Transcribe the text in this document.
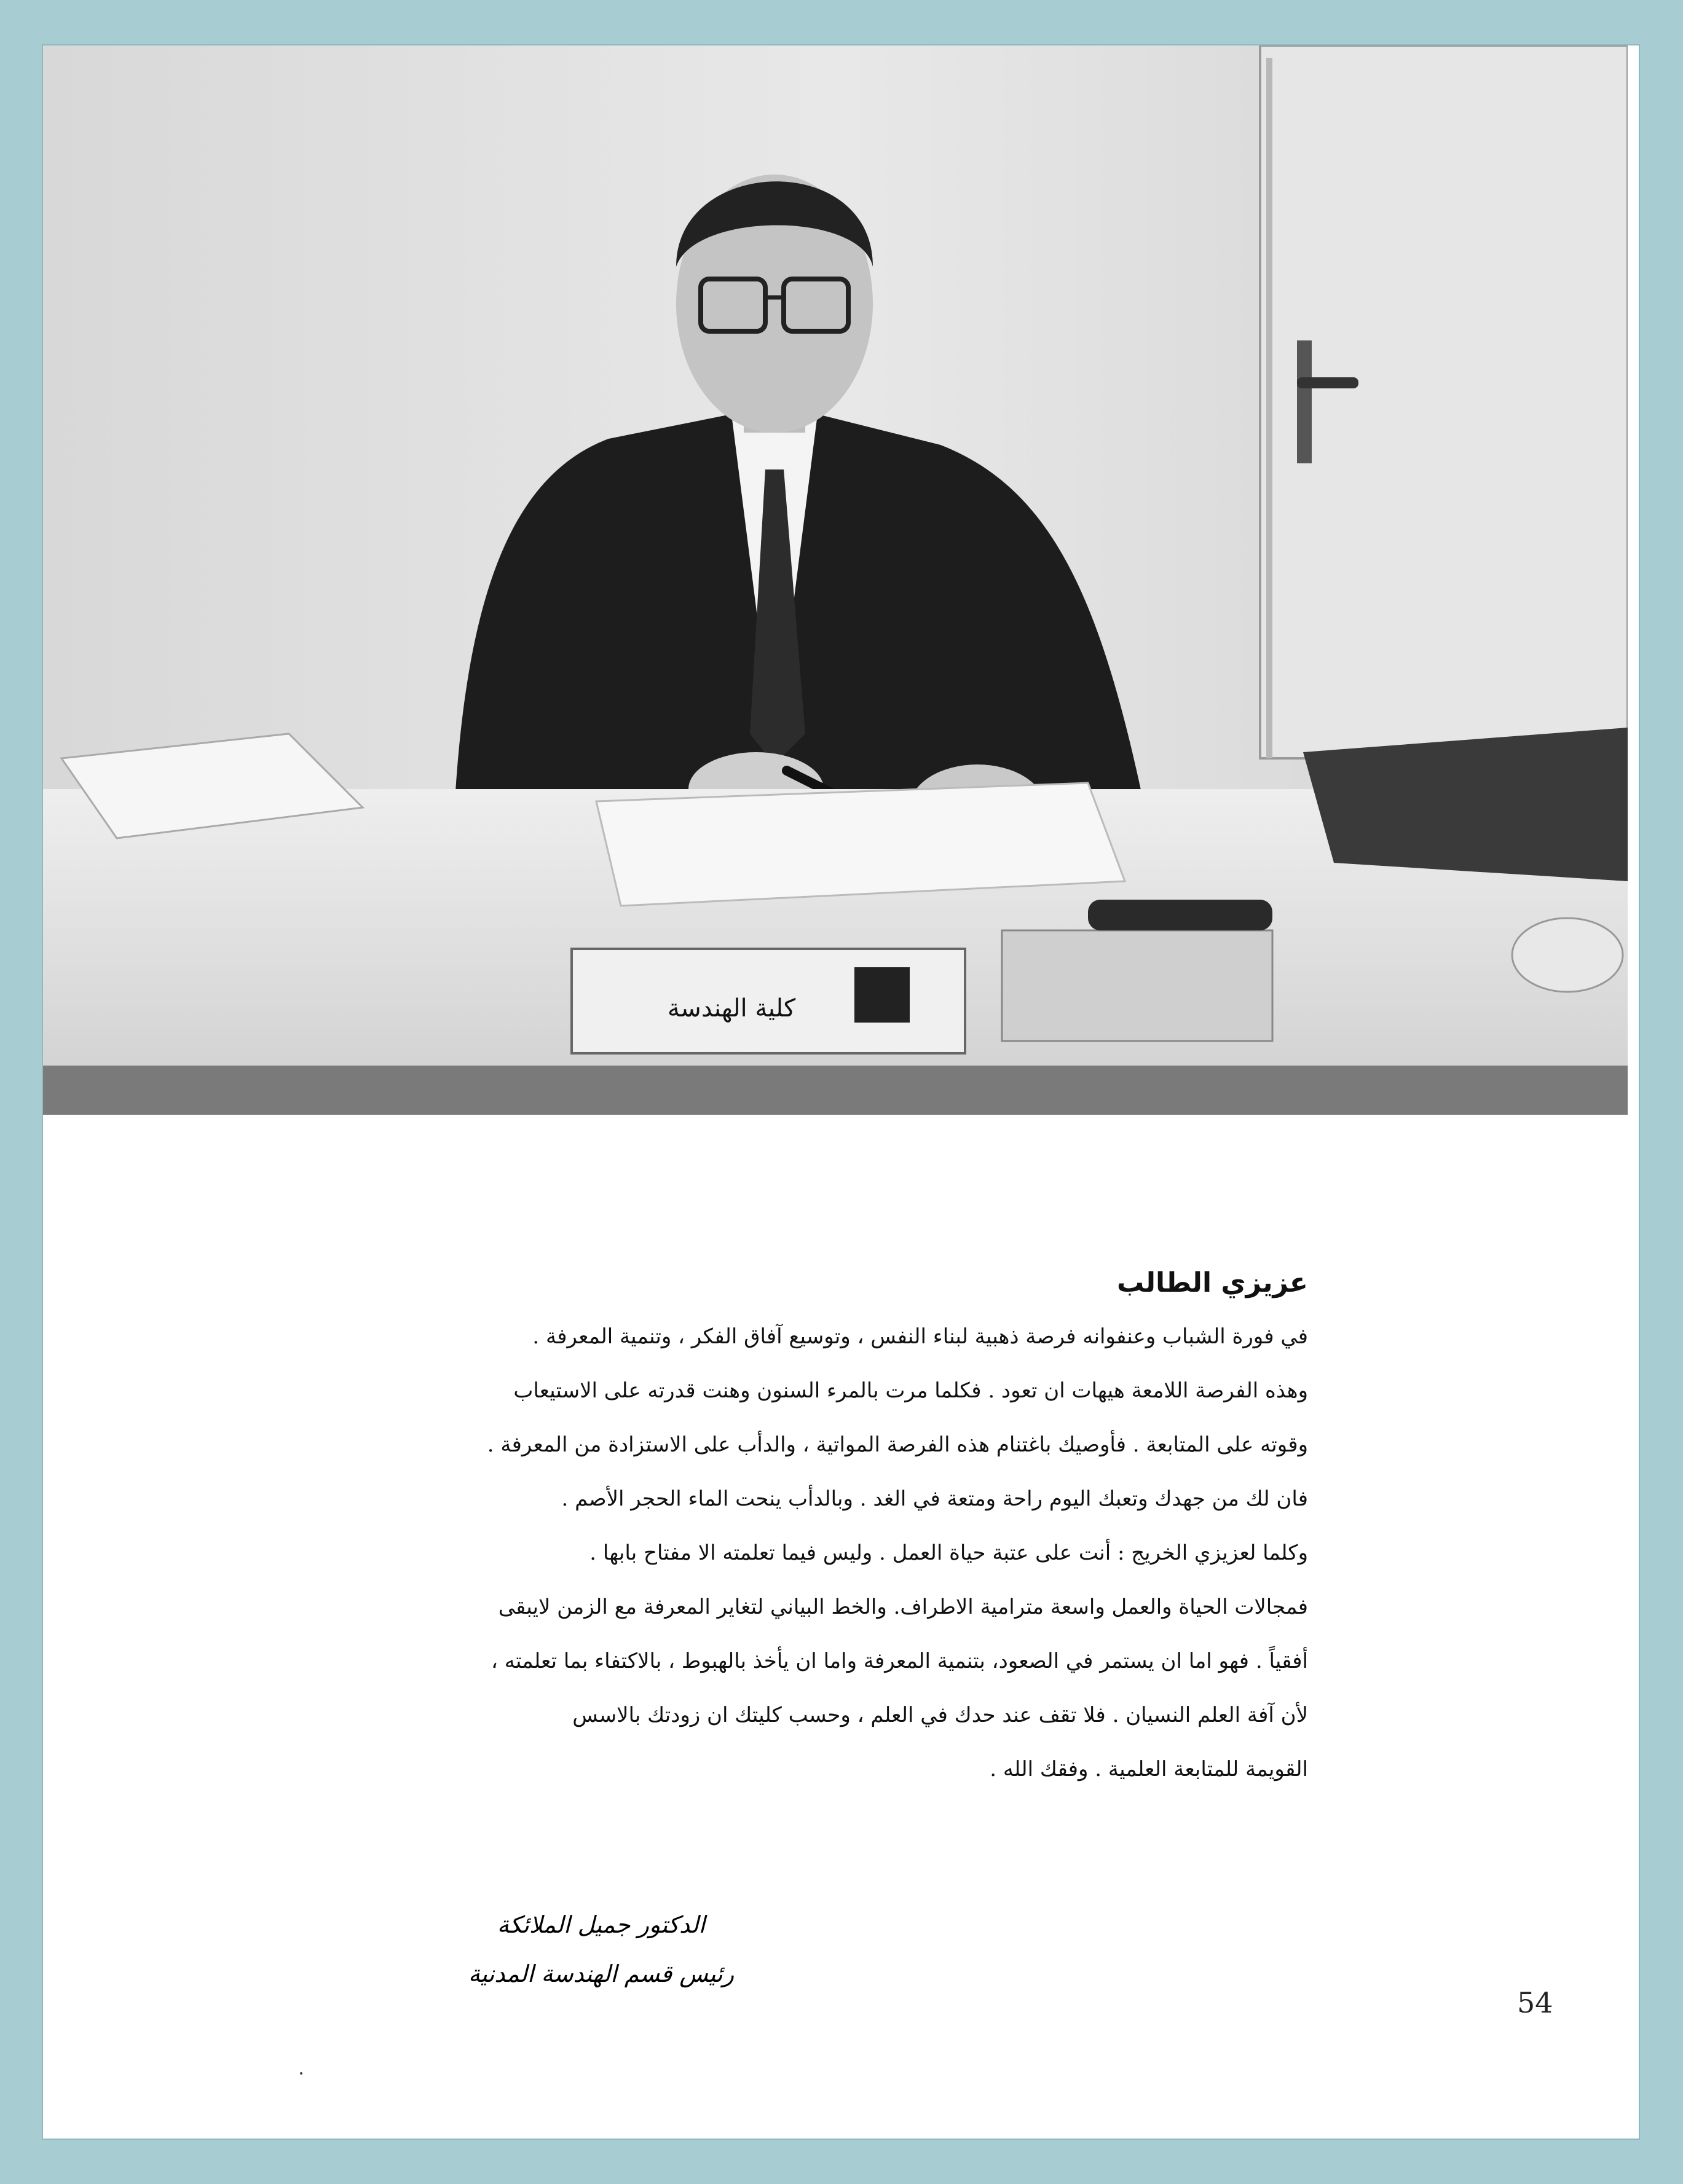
كلية الهندسة

عزيزي الطالب

في فورة الشباب وعنفوانه فرصة ذهبية لبناء النفس ، وتوسيع آفاق الفكر ، وتنمية المعرفة .
وهذه الفرصة اللامعة هيهات ان تعود . فكلما مرت بالمرء السنون وهنت قدرته على الاستيعاب
وقوته على المتابعة . فأوصيك باغتنام هذه الفرصة المواتية ، والدأب على الاستزادة من المعرفة .
فان لك من جهدك وتعبك اليوم راحة ومتعة في الغد . وبالدأب ينحت الماء الحجر الأصم .
وكلما لعزيزي الخريج : أنت على عتبة حياة العمل . وليس فيما تعلمته الا مفتاح بابها .
فمجالات الحياة والعمل واسعة مترامية الاطراف. والخط البياني لتغاير المعرفة مع الزمن لايبقى
أفقياً . فهو اما ان يستمر في الصعود، بتنمية المعرفة واما ان يأخذ بالهبوط ، بالاكتفاء بما تعلمته ،
لأن آفة العلم النسيان . فلا تقف عند حدك في العلم ، وحسب كليتك ان زودتك بالاسس
القويمة للمتابعة العلمية . وفقك الله .

الدكتور جميل الملائكة

رئيس قسم الهندسة المدنية

54
